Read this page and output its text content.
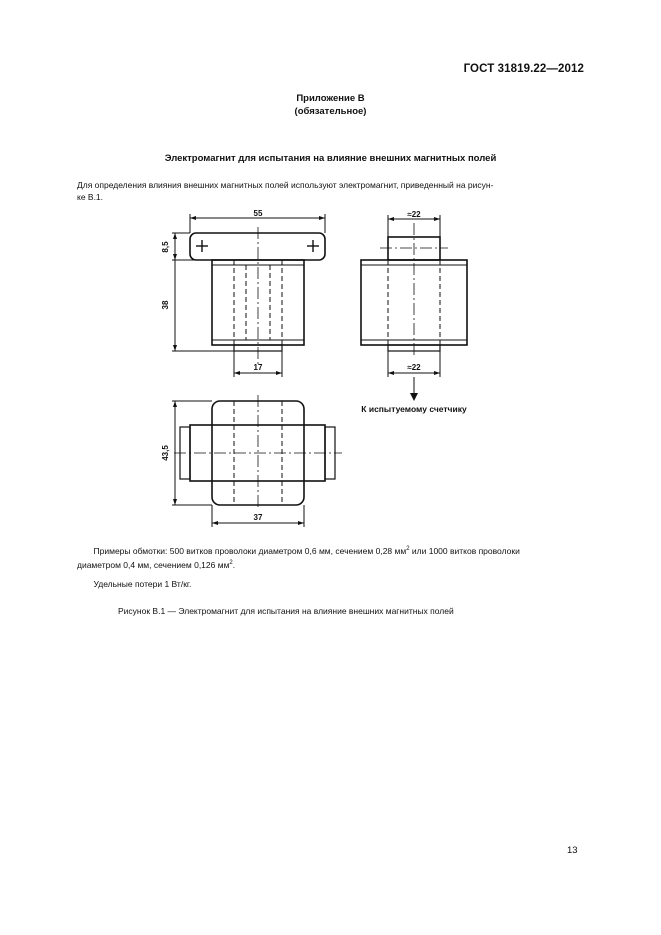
ГОСТ 31819.22—2012
Приложение В
(обязательное)
Электромагнит для испытания на влияние внешних магнитных полей
Для определения влияния внешних магнитных полей используют электромагнит, приведенный на рисун-
ке В.1.
55
8,5
38
17
≈22
≈22
43,5
37
К испытуемому счетчику
Примеры обмотки: 500 витков проволоки диаметром 0,6 мм, сечением 0,28 $мм^2$ или 1000 витков проволоки
диаметром 0,4 мм, сечением 0,126 $мм^2$.
Удельные потери 1 Вт/кг.
Рисунок В.1 — Электромагнит для испытания на влияние внешних магнитных полей
13
